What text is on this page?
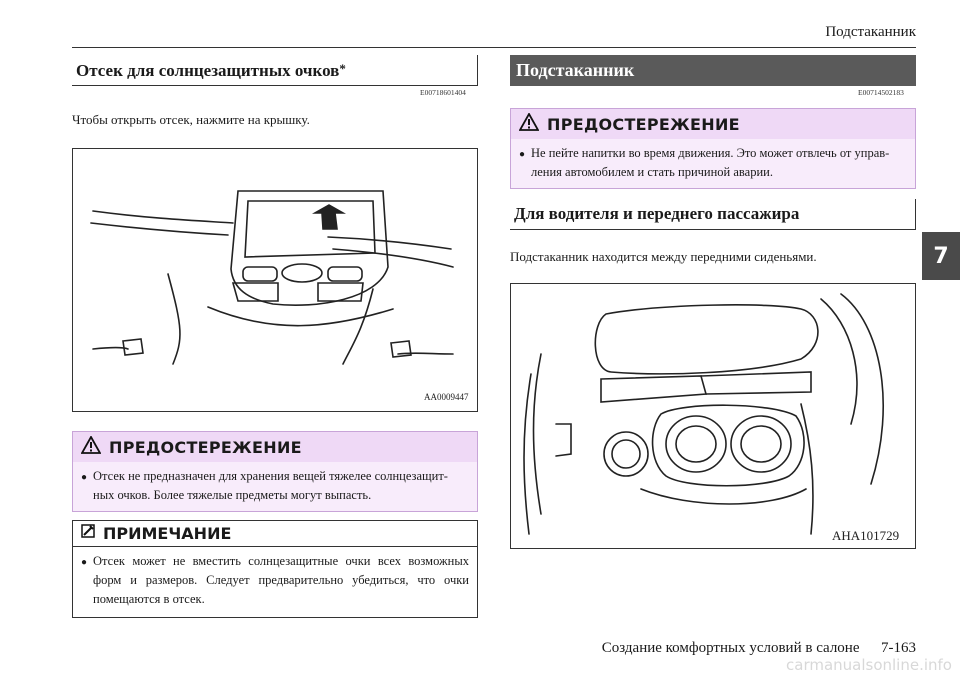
Подстаканник
Отсек для солнцезащитных очков*
E00718601404
Чтобы открыть отсек, нажмите на крышку.
AA0009447
ПРЕДОСТЕРЕЖЕНИЕ
● Отсек не предназначен для хранения вещей тяжелее солнцезащит-ных очков. Более тяжелые предметы могут выпасть.
ПРИМЕЧАНИЕ
● Отсек может не вместить солнцезащитные очки всех возможных форм и размеров. Следует предварительно убедиться, что очки помещаются в отсек.
Подстаканник
E00714502183
ПРЕДОСТЕРЕЖЕНИЕ
● Не пейте напитки во время движения. Это может отвлечь от управ-ления автомобилем и стать причиной аварии.
Для водителя и переднего пассажира
Подстаканник находится между передними сиденьями.
AHA101729
7
Создание комфортных условий в салоне 7-163
carmanualsonline.info
